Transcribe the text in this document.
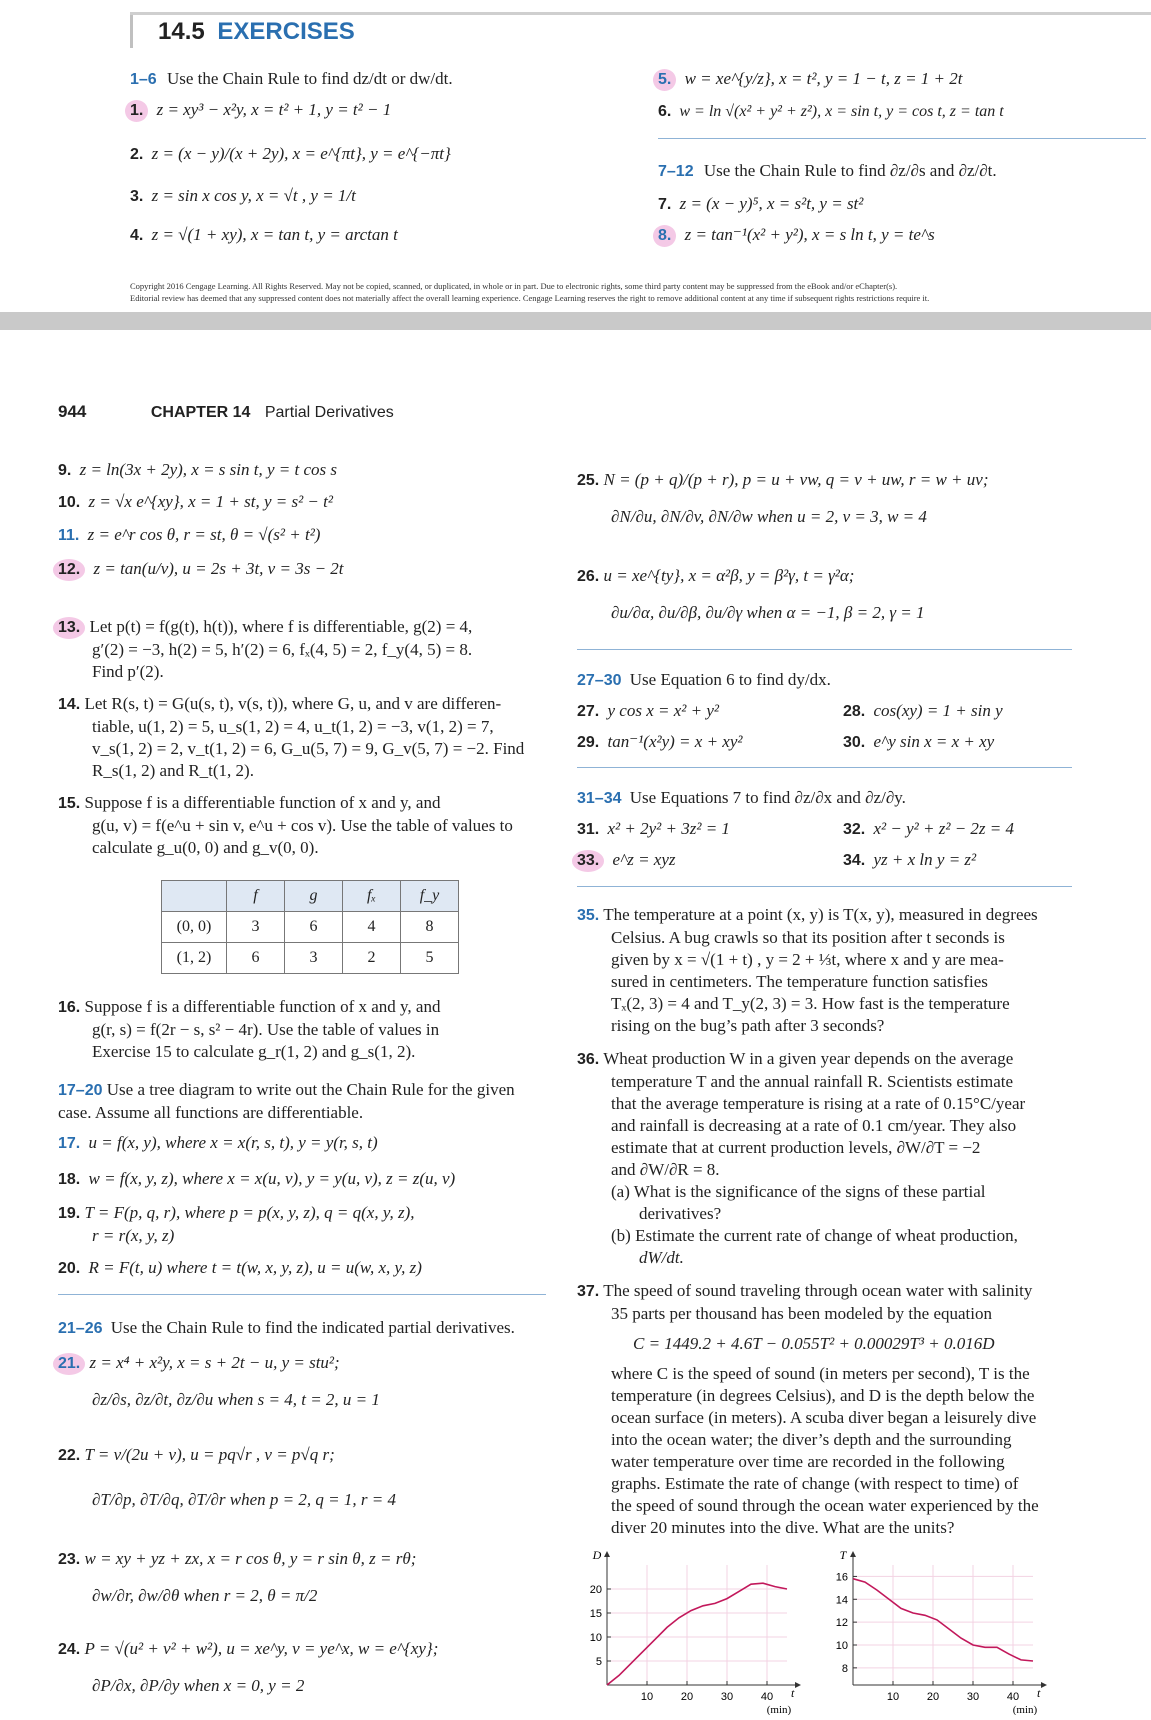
14.5 EXERCISES
1–6 Use the Chain Rule to find dz/dt or dw/dt.
1. z = xy³ − x²y, x = t² + 1, y = t² − 1
2. z = (x − y)/(x + 2y), x = e^{πt}, y = e^{−πt}
3. z = sin x cos y, x = √t , y = 1/t
4. z = √(1 + xy), x = tan t, y = arctan t
5. w = xe^{y/z}, x = t², y = 1 − t, z = 1 + 2t
6. w = ln √(x² + y² + z²), x = sin t, y = cos t, z = tan t
7–12 Use the Chain Rule to find ∂z/∂s and ∂z/∂t.
7. z = (x − y)⁵, x = s²t, y = st²
8. z = tan⁻¹(x² + y²), x = s ln t, y = te^s
Copyright 2016 Cengage Learning. All Rights Reserved. May not be copied, scanned, or duplicated, in whole or in part. Due to electronic rights, some third party content may be suppressed from the eBook and/or eChapter(s).
Editorial review has deemed that any suppressed content does not materially affect the overall learning experience. Cengage Learning reserves the right to remove additional content at any time if subsequent rights restrictions require it.
944	CHAPTER 14 Partial Derivatives
9. z = ln(3x + 2y), x = s sin t, y = t cos s
10. z = √x e^{xy}, x = 1 + st, y = s² − t²
11. z = e^r cos θ, r = st, θ = √(s² + t²)
12. z = tan(u/v), u = 2s + 3t, v = 3s − 2t
13. Let p(t) = f(g(t), h(t)), where f is differentiable, g(2) = 4,
g′(2) = −3, h(2) = 5, h′(2) = 6, fₓ(4, 5) = 2, f_y(4, 5) = 8.
Find p′(2).
14. Let R(s, t) = G(u(s, t), v(s, t)), where G, u, and v are differen-
tiable, u(1, 2) = 5, u_s(1, 2) = 4, u_t(1, 2) = −3, v(1, 2) = 7,
v_s(1, 2) = 2, v_t(1, 2) = 6, G_u(5, 7) = 9, G_v(5, 7) = −2. Find
R_s(1, 2) and R_t(1, 2).
15. Suppose f is a differentiable function of x and y, and
g(u, v) = f(e^u + sin v, e^u + cos v). Use the table of values to
calculate g_u(0, 0) and g_v(0, 0).
	f	g	fₓ	f_y
(0, 0)	3	6	4	8
(1, 2)	6	3	2	5
16. Suppose f is a differentiable function of x and y, and
g(r, s) = f(2r − s, s² − 4r). Use the table of values in
Exercise 15 to calculate g_r(1, 2) and g_s(1, 2).
17–20 Use a tree diagram to write out the Chain Rule for the given
case. Assume all functions are differentiable.
17. u = f(x, y), where x = x(r, s, t), y = y(r, s, t)
18. w = f(x, y, z), where x = x(u, v), y = y(u, v), z = z(u, v)
19. T = F(p, q, r), where p = p(x, y, z), q = q(x, y, z),
r = r(x, y, z)
20. R = F(t, u) where t = t(w, x, y, z), u = u(w, x, y, z)
21–26 Use the Chain Rule to find the indicated partial derivatives.
21. z = x⁴ + x²y, x = s + 2t − u, y = stu²;
∂z/∂s, ∂z/∂t, ∂z/∂u when s = 4, t = 2, u = 1
22. T = v/(2u + v), u = pq√r , v = p√q r;
∂T/∂p, ∂T/∂q, ∂T/∂r when p = 2, q = 1, r = 4
23. w = xy + yz + zx, x = r cos θ, y = r sin θ, z = rθ;
∂w/∂r, ∂w/∂θ when r = 2, θ = π/2
24. P = √(u² + v² + w²), u = xe^y, v = ye^x, w = e^{xy};
∂P/∂x, ∂P/∂y when x = 0, y = 2
25. N = (p + q)/(p + r), p = u + vw, q = v + uw, r = w + uv;
∂N/∂u, ∂N/∂v, ∂N/∂w when u = 2, v = 3, w = 4
26. u = xe^{ty}, x = α²β, y = β²γ, t = γ²α;
∂u/∂α, ∂u/∂β, ∂u/∂γ when α = −1, β = 2, γ = 1
27–30 Use Equation 6 to find dy/dx.
27. y cos x = x² + y²	28. cos(xy) = 1 + sin y
29. tan⁻¹(x²y) = x + xy²	30. e^y sin x = x + xy
31–34 Use Equations 7 to find ∂z/∂x and ∂z/∂y.
31. x² + 2y² + 3z² = 1	32. x² − y² + z² − 2z = 4
33. e^z = xyz	34. yz + x ln y = z²
35. The temperature at a point (x, y) is T(x, y), measured in degrees
Celsius. A bug crawls so that its position after t seconds is
given by x = √(1 + t) , y = 2 + ⅓t, where x and y are mea-
sured in centimeters. The temperature function satisfies
Tₓ(2, 3) = 4 and T_y(2, 3) = 3. How fast is the temperature
rising on the bug’s path after 3 seconds?
36. Wheat production W in a given year depends on the average
temperature T and the annual rainfall R. Scientists estimate
that the average temperature is rising at a rate of 0.15°C/year
and rainfall is decreasing at a rate of 0.1 cm/year. They also
estimate that at current production levels, ∂W/∂T = −2
and ∂W/∂R = 8.
(a) What is the significance of the signs of these partial
derivatives?
(b) Estimate the current rate of change of wheat production,
dW/dt.
37. The speed of sound traveling through ocean water with salinity
35 parts per thousand has been modeled by the equation
C = 1449.2 + 4.6T − 0.055T² + 0.00029T³ + 0.016D
where C is the speed of sound (in meters per second), T is the
temperature (in degrees Celsius), and D is the depth below the
ocean surface (in meters). A scuba diver began a leisurely dive
into the ocean water; the diver’s depth and the surrounding
water temperature over time are recorded in the following
graphs. Estimate the rate of change (with respect to time) of
the speed of sound through the ocean water experienced by the
diver 20 minutes into the dive. What are the units?
10	20	30	40
5
10
15
20
D
t
(min)
10	20	30	40
8
10
12
14
16
T
t
(min)
